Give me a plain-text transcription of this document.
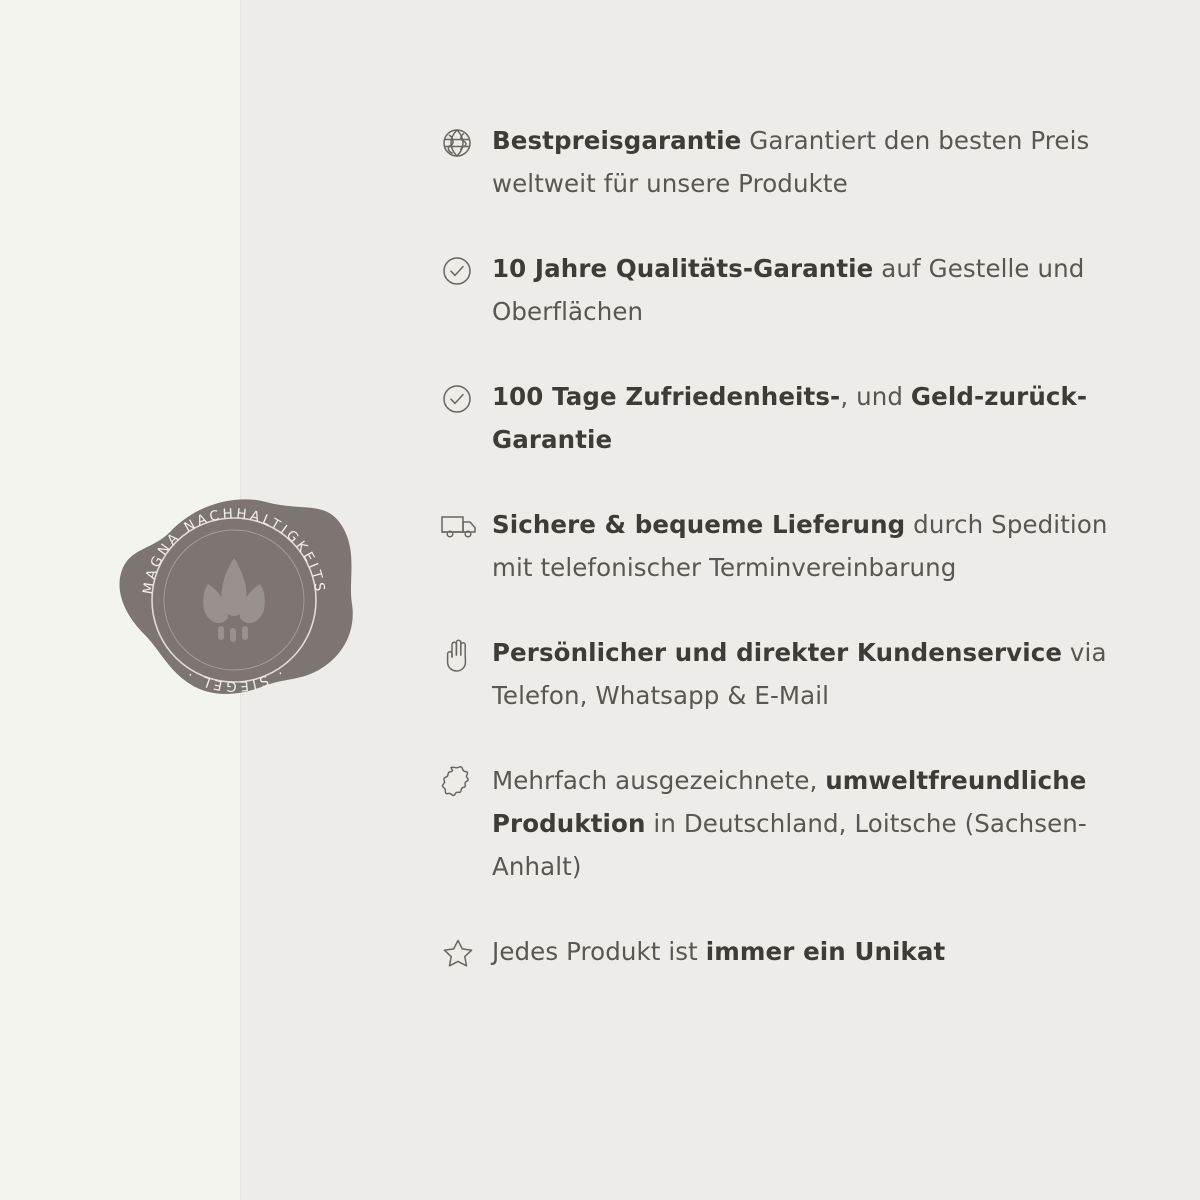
MAGNA NACHHALTIGKEITS
· SIEGEL ·
Bestpreisgarantie Garantiert den besten Preis weltweit für unsere Produkte
10 Jahre Qualitäts-Garantie auf Gestelle und Oberflächen
100 Tage Zufriedenheits-, und Geld-zurück-Garantie
Sichere & bequeme Lieferung durch Spedition mit telefonischer Terminvereinbarung
Persönlicher und direkter Kundenservice via Telefon, Whatsapp & E-Mail
Mehrfach ausgezeichnete, umweltfreundliche Produktion in Deutschland, Loitsche (Sachsen-Anhalt)
Jedes Produkt ist immer ein Unikat
